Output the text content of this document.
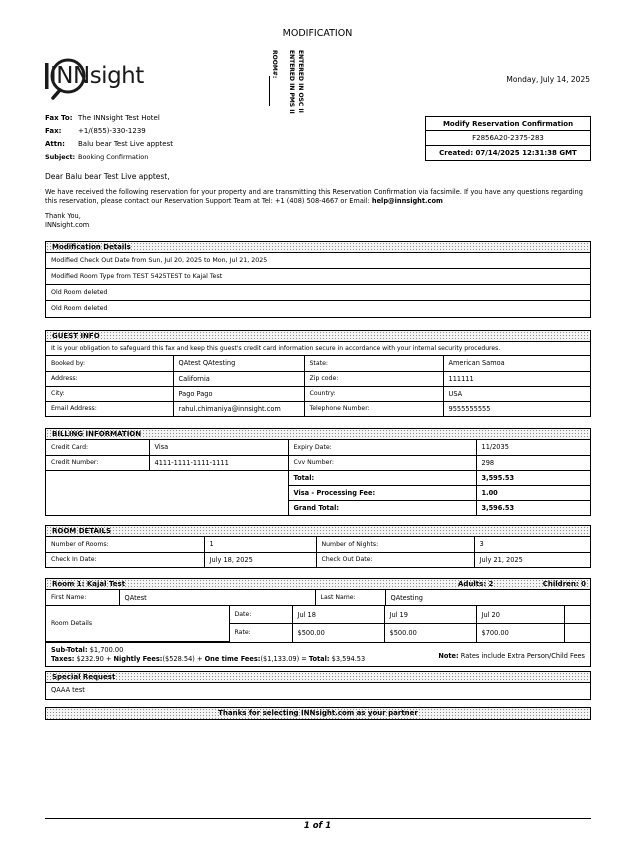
MODIFICATION
INNsight	ENTERED IN OSC II
ENTERED IN PMS II
ROOM#:
Monday, July 14, 2025
Fax To: The INNsight Test Hotel
Fax: +1/(855)-330-1239
Attn: Balu bear Test Live apptest
Subject: Booking Confirmation
Modify Reservation Confirmation
F2856A20-2375-283
Created: 07/14/2025 12:31:38 GMT
Dear Balu bear Test Live apptest,
We have received the following reservation for your property and are transmitting this Reservation Confirmation via facsimile. If you have any questions regarding
this reservation, please contact our Reservation Support Team at Tel: +1 (408) 508-4667 or Email: help@innsight.com
Thank You,
INNsight.com
Modification Details
Modified Check Out Date from Sun, Jul 20, 2025 to Mon, Jul 21, 2025
Modified Room Type from TEST 5425TEST to Kajal Test
Old Room deleted
Old Room deleted
GUEST INFO
It is your obligation to safeguard this fax and keep this guest's credit card information secure in accordance with your internal security procedures.
Booked by:	QAtest QAtesting	State:	American Samoa
Address:	California	Zip code:	111111
City:	Pago Pago	Country:	USA
Email Address:	rahul.chimaniya@innsight.com	Telephone Number:	9555555555
BILLING INFORMATION
Credit Card:	Visa	Expiry Date:	11/2035
Credit Number:	4111-1111-1111-1111	Cvv Number:	298
		Total:	3,595.53
		Visa - Processing Fee:	1.00
		Grand Total:	3,596.53
ROOM DETAILS
Number of Rooms:	1	Number of Nights:	3
Check In Date:	July 18, 2025	Check Out Date:	July 21, 2025
Room 1: Kajal Test	Adults: 2	Children: 0
First Name:	QAtest	Last Name:	QAtesting
Room Details	Date:	Jul 18	Jul 19	Jul 20	
	Rate:	$500.00	$500.00	$700.00	
Sub-Total: $1,700.00
Taxes: $232.90 + Nightly Fees:($528.54) + One time Fees:($1,133.09) = Total: $3,594.53	Note: Rates include Extra Person/Child Fees
Special Request
QAAA test
Thanks for selecting INNsight.com as your partner
1 of 1
